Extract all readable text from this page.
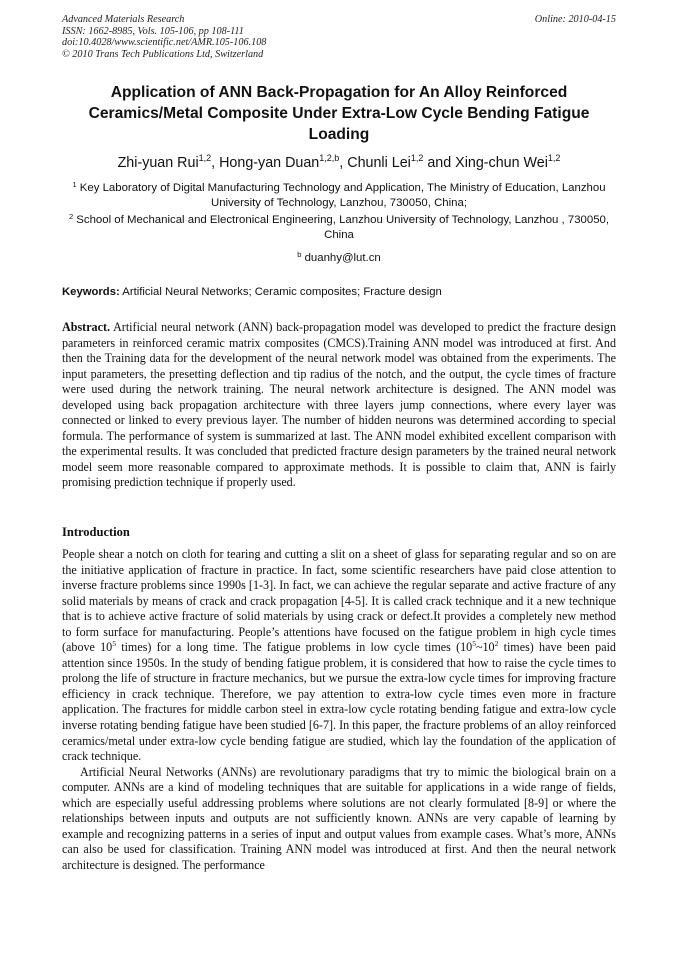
Advanced Materials Research
ISSN: 1662-8985, Vols. 105-106, pp 108-111
doi:10.4028/www.scientific.net/AMR.105-106.108
© 2010 Trans Tech Publications Ltd, Switzerland
Online: 2010-04-15
Application of ANN Back-Propagation for An Alloy Reinforced Ceramics/Metal Composite Under Extra-Low Cycle Bending Fatigue Loading
Zhi-yuan Rui$^{1,2}$, Hong-yan Duan$^{1,2,b}$, Chunli Lei$^{1,2}$ and Xing-chun Wei$^{1,2}$
$^1$ Key Laboratory of Digital Manufacturing Technology and Application, The Ministry of Education, Lanzhou University of Technology, Lanzhou, 730050, China;
$^2$ School of Mechanical and Electronical Engineering, Lanzhou University of Technology, Lanzhou , 730050, China
$^b$ duanhy@lut.cn
Keywords: Artificial Neural Networks; Ceramic composites; Fracture design
Abstract. Artificial neural network (ANN) back-propagation model was developed to predict the fracture design parameters in reinforced ceramic matrix composites (CMCS).Training ANN model was introduced at first. And then the Training data for the development of the neural network model was obtained from the experiments. The input parameters, the presetting deflection and tip radius of the notch, and the output, the cycle times of fracture were used during the network training. The neural network architecture is designed. The ANN model was developed using back propagation architecture with three layers jump connections, where every layer was connected or linked to every previous layer. The number of hidden neurons was determined according to special formula. The performance of system is summarized at last. The ANN model exhibited excellent comparison with the experimental results. It was concluded that predicted fracture design parameters by the trained neural network model seem more reasonable compared to approximate methods. It is possible to claim that, ANN is fairly promising prediction technique if properly used.
Introduction

People shear a notch on cloth for tearing and cutting a slit on a sheet of glass for separating regular and so on are the initiative application of fracture in practice. In fact, some scientific researchers have paid close attention to inverse fracture problems since 1990s [1-3]. In fact, we can achieve the regular separate and active fracture of any solid materials by means of crack and crack propagation [4-5]. It is called crack technique and it a new technique that is to achieve active fracture of solid materials by using crack or defect.It provides a completely new method to form surface for manufacturing. People’s attentions have focused on the fatigue problem in high cycle times (above $10^5$ times) for a long time. The fatigue problems in low cycle times ($10^5\sim 10^2$ times) have been paid attention since 1950s. In the study of bending fatigue problem, it is considered that how to raise the cycle times to prolong the life of structure in fracture mechanics, but we pursue the extra-low cycle times for improving fracture efficiency in crack technique. Therefore, we pay attention to extra-low cycle times even more in fracture application. The fractures for middle carbon steel in extra-low cycle rotating bending fatigue and extra-low cycle inverse rotating bending fatigue have been studied [6-7]. In this paper, the fracture problems of an alloy reinforced ceramics/metal under extra-low cycle bending fatigue are studied, which lay the foundation of the application of crack technique.

Artificial Neural Networks (ANNs) are revolutionary paradigms that try to mimic the biological brain on a computer. ANNs are a kind of modeling techniques that are suitable for applications in a wide range of fields, which are especially useful addressing problems where solutions are not clearly formulated [8-9] or where the relationships between inputs and outputs are not sufficiently known. ANNs are very capable of learning by example and recognizing patterns in a series of input and output values from example cases. What’s more, ANNs can also be used for classification. Training ANN model was introduced at first. And then the neural network architecture is designed. The performance
